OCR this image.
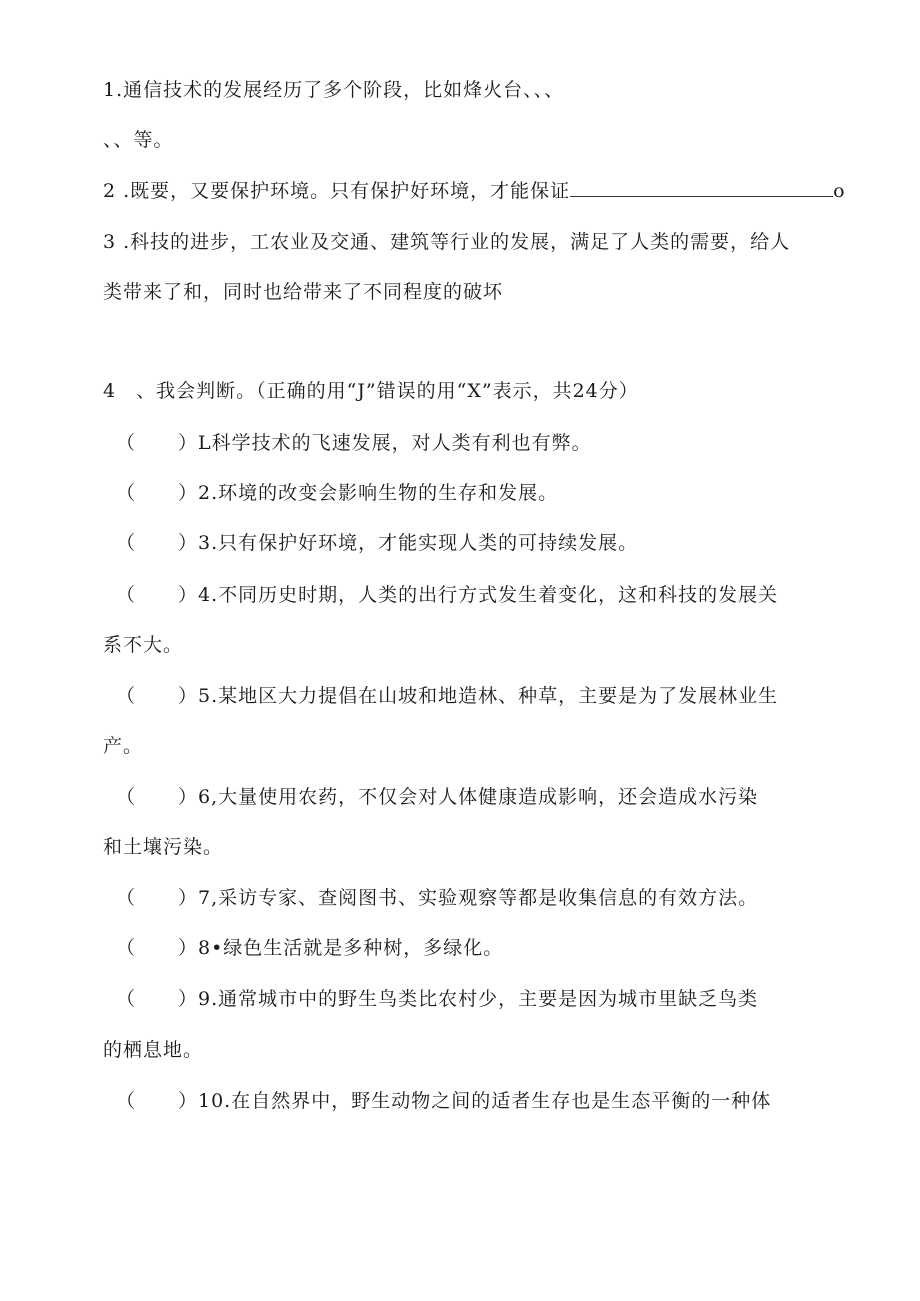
1.通信技术的发展经历了多个阶段，比如烽火台、、、
、、等。
2 .既要，又要保护环境。只有保护好环境，才能保证	o
3 .科技的进步，工农业及交通、建筑等行业的发展，满足了人类的需要，给人
类带来了和，同时也给带来了不同程度的破坏
4　、我会判断。（正确的用“J”错误的用“X”表示，共24分）
（ ）L科学技术的飞速发展，对人类有利也有弊。
（ ）2.环境的改变会影响生物的生存和发展。
（ ）3.只有保护好环境，才能实现人类的可持续发展。
（ ）4.不同历史时期，人类的出行方式发生着变化，这和科技的发展关
系不大。
（ ）5.某地区大力提倡在山坡和地造林、种草，主要是为了发展林业生
产。
（ ）6,大量使用农药，不仅会对人体健康造成影响，还会造成水污染
和土壤污染。
（ ）7,采访专家、查阅图书、实验观察等都是收集信息的有效方法。
（ ）8•绿色生活就是多种树，多绿化。
（ ）9.通常城市中的野生鸟类比农村少，主要是因为城市里缺乏鸟类
的栖息地。
（ ）10.在自然界中，野生动物之间的适者生存也是生态平衡的一种体
